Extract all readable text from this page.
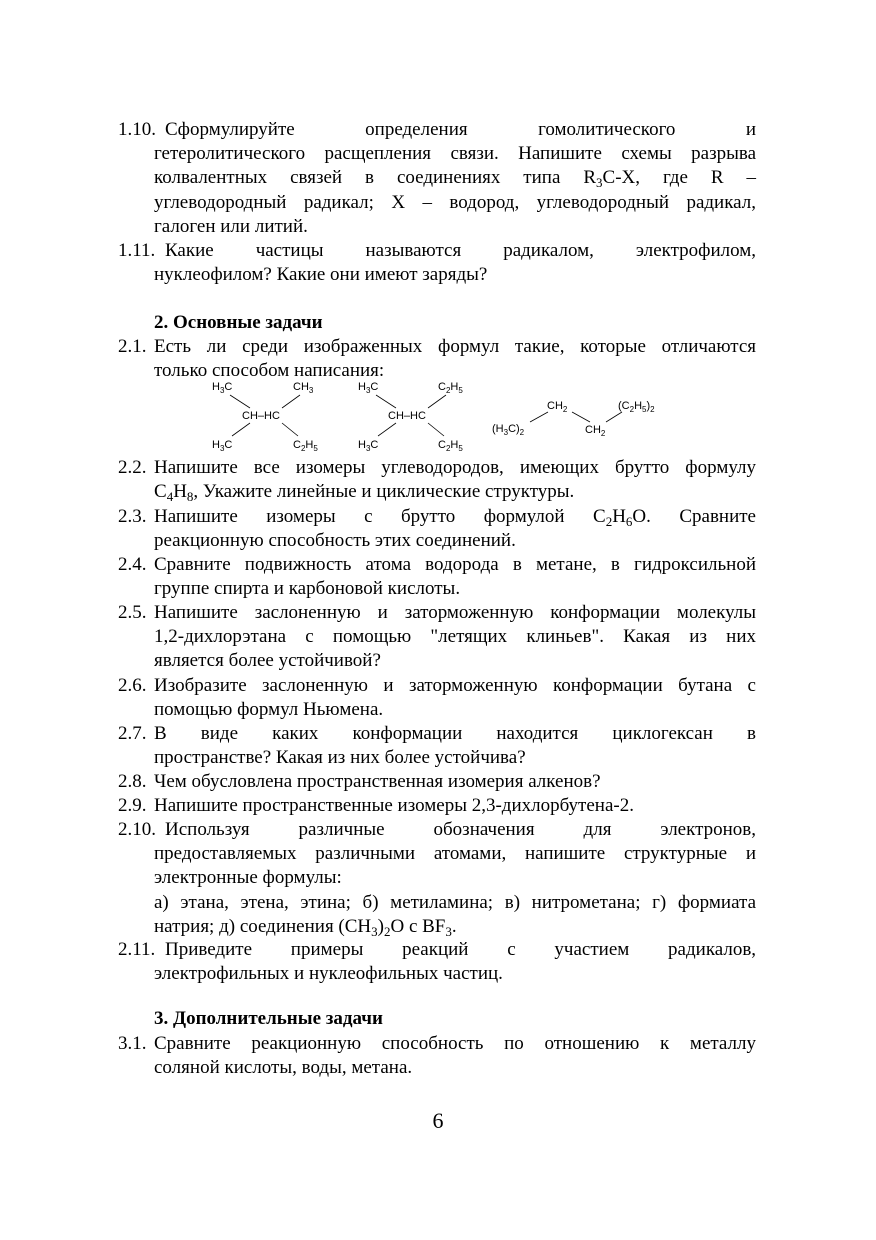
1.10. Сформулируйте	определения	гомолитического	и
гетеролитического расщепления связи. Напишите схемы разрыва
колвалентных связей в соединениях типа $R_3C-X$, где R –
углеводородный радикал; X – водород, углеводородный радикал,
галоген или литий.
1.11. Какие частицы называются радикалом, электрофилом,
нуклеофилом? Какие они имеют заряды?
2. Основные задачи
2.1. Есть ли среди изображенных формул такие, которые отличаются
только способом написания:
$H_3C$	$CH_3$
CH–HC
$H_3C$	$C_2H_5$
$H_3C$	$C_2H_5$
CH–HC
$H_3C$	$C_2H_5$
$(H_3C)_2$
$CH_2$
$CH_2$
$(C_2H_5)_2$
2.2. Напишите все изомеры углеводородов, имеющих брутто формулу
$C_4H_8$, Укажите линейные и циклические структуры.
2.3. Напишите изомеры с брутто формулой $C_2H_6O$. Сравните
реакционную способность этих соединений.
2.4. Сравните подвижность атома водорода в метане, в гидроксильной
группе спирта и карбоновой кислоты.
2.5. Напишите заслоненную и заторможенную конформации молекулы
1,2-дихлорэтана с помощью "летящих клиньев". Какая из них
является более устойчивой?
2.6. Изобразите заслоненную и заторможенную конформации бутана с
помощью формул Ньюмена.
2.7. В виде каких конформации находится циклогексан в
пространстве? Какая из них более устойчива?
2.8. Чем обусловлена пространственная изомерия алкенов?
2.9. Напишите пространственные изомеры 2,3-дихлорбутена-2.
2.10. Используя	различные	обозначения	для	электронов,
предоставляемых различными атомами, напишите структурные и
электронные формулы:
а) этана, этена, этина; б) метиламина; в) нитрометана; г) формиата
натрия; д) соединения $(CH_3)_2O$ с $BF_3$.
2.11. Приведите примеры реакций с участием радикалов,
электрофильных и нуклеофильных частиц.
3. Дополнительные задачи
3.1. Сравните реакционную способность по отношению к металлу
соляной кислоты, воды, метана.
6
